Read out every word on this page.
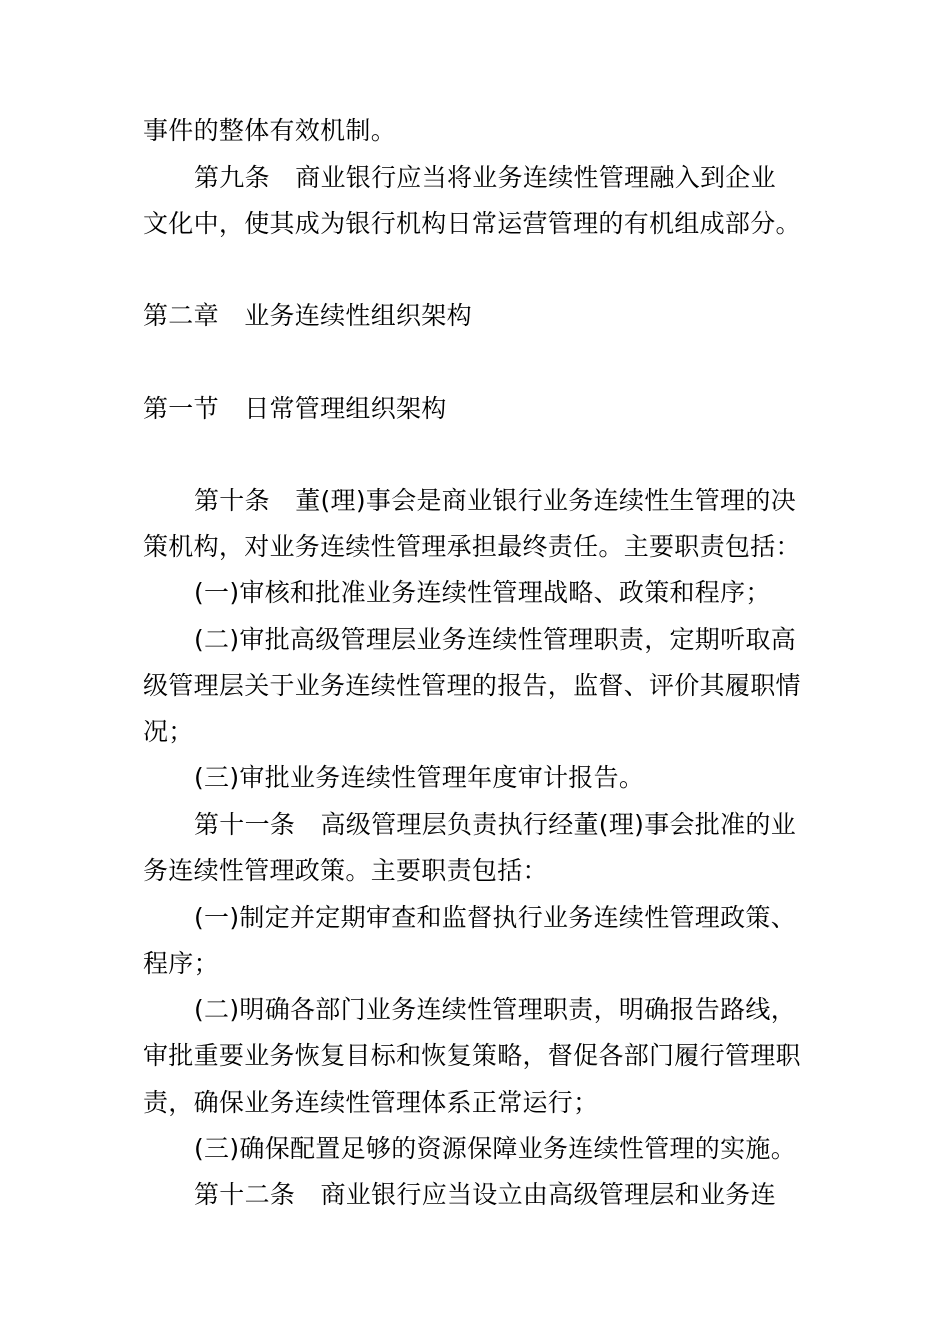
事件的整体有效机制。
第九条　商业银行应当将业务连续性管理融入到企业
文化中，使其成为银行机构日常运营管理的有机组成部分。
第二章　业务连续性组织架构
第一节　日常管理组织架构
第十条　董(理)事会是商业银行业务连续性生管理的决
策机构，对业务连续性管理承担最终责任。主要职责包括：
(一)审核和批准业务连续性管理战略、政策和程序；
(二)审批高级管理层业务连续性管理职责，定期听取高
级管理层关于业务连续性管理的报告，监督、评价其履职情
况；
(三)审批业务连续性管理年度审计报告。
第十一条　高级管理层负责执行经董(理)事会批准的业
务连续性管理政策。主要职责包括：
(一)制定并定期审查和监督执行业务连续性管理政策、
程序；
(二)明确各部门业务连续性管理职责，明确报告路线，
审批重要业务恢复目标和恢复策略，督促各部门履行管理职
责，确保业务连续性管理体系正常运行；
(三)确保配置足够的资源保障业务连续性管理的实施。
第十二条　商业银行应当设立由高级管理层和业务连
